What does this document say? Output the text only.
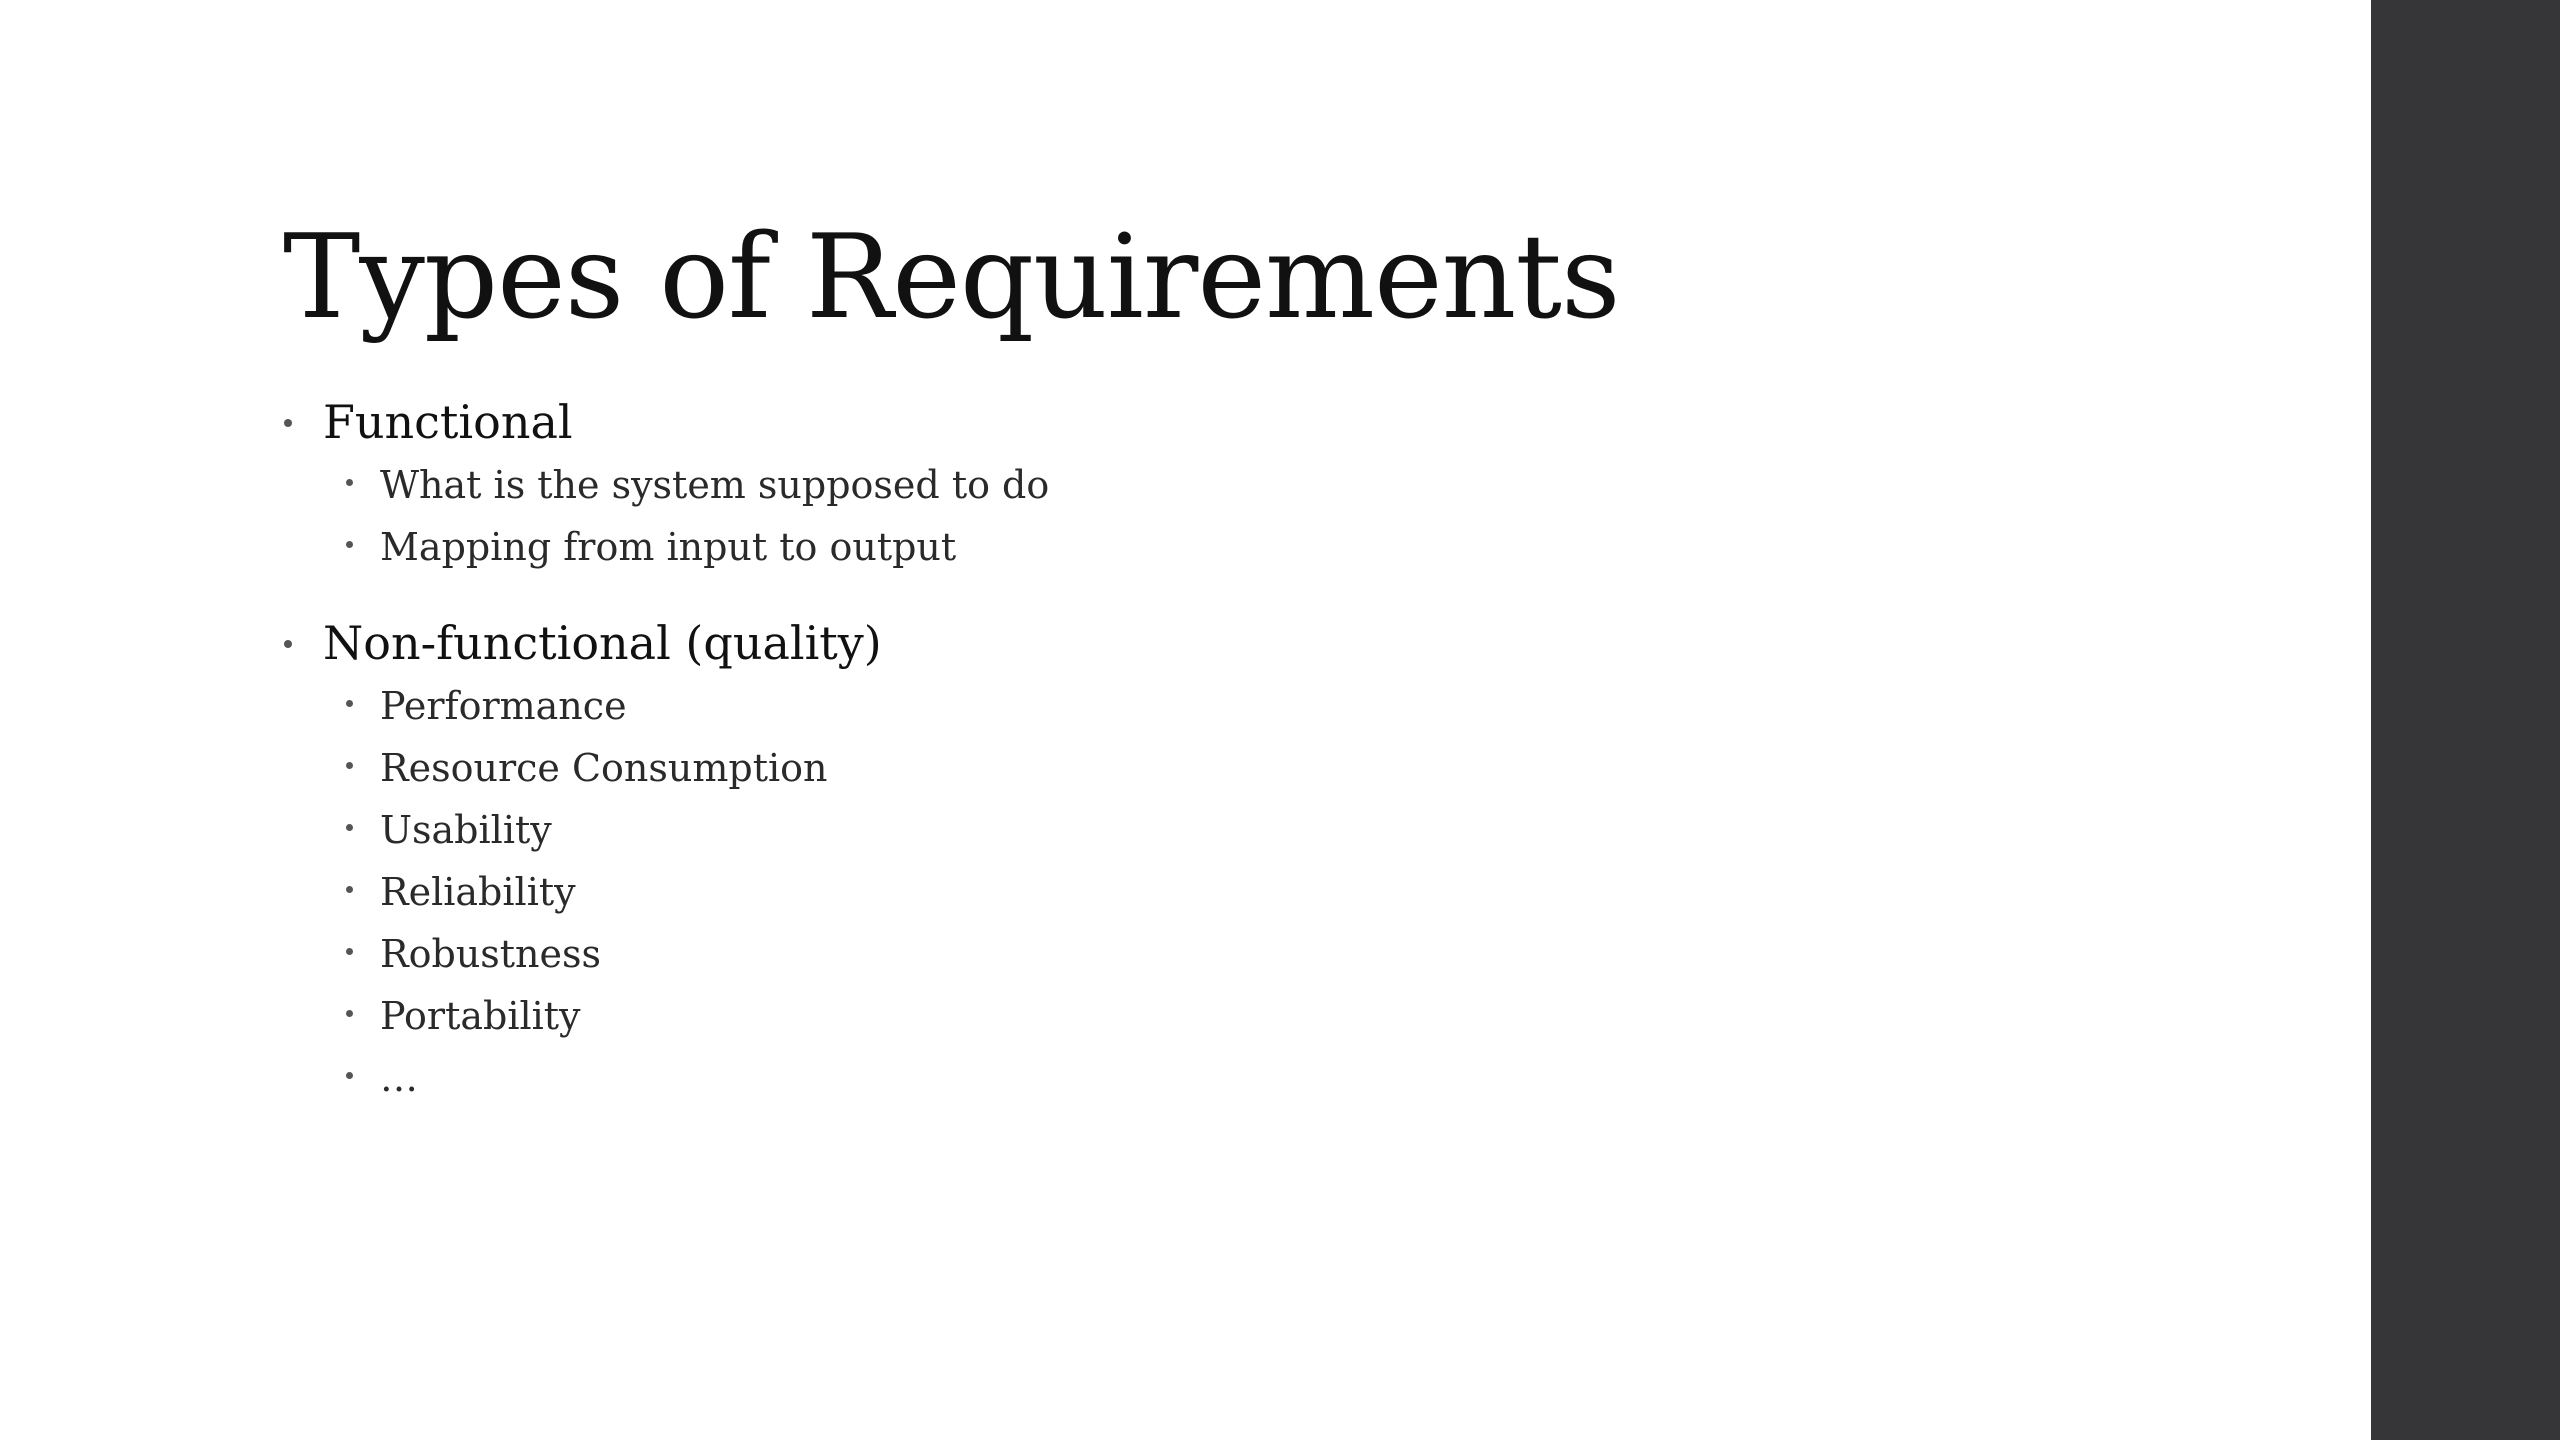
Types of Requirements
Functional
What is the system supposed to do
Mapping from input to output
Non-functional (quality)
Performance
Resource Consumption
Usability
Reliability
Robustness
Portability
…
